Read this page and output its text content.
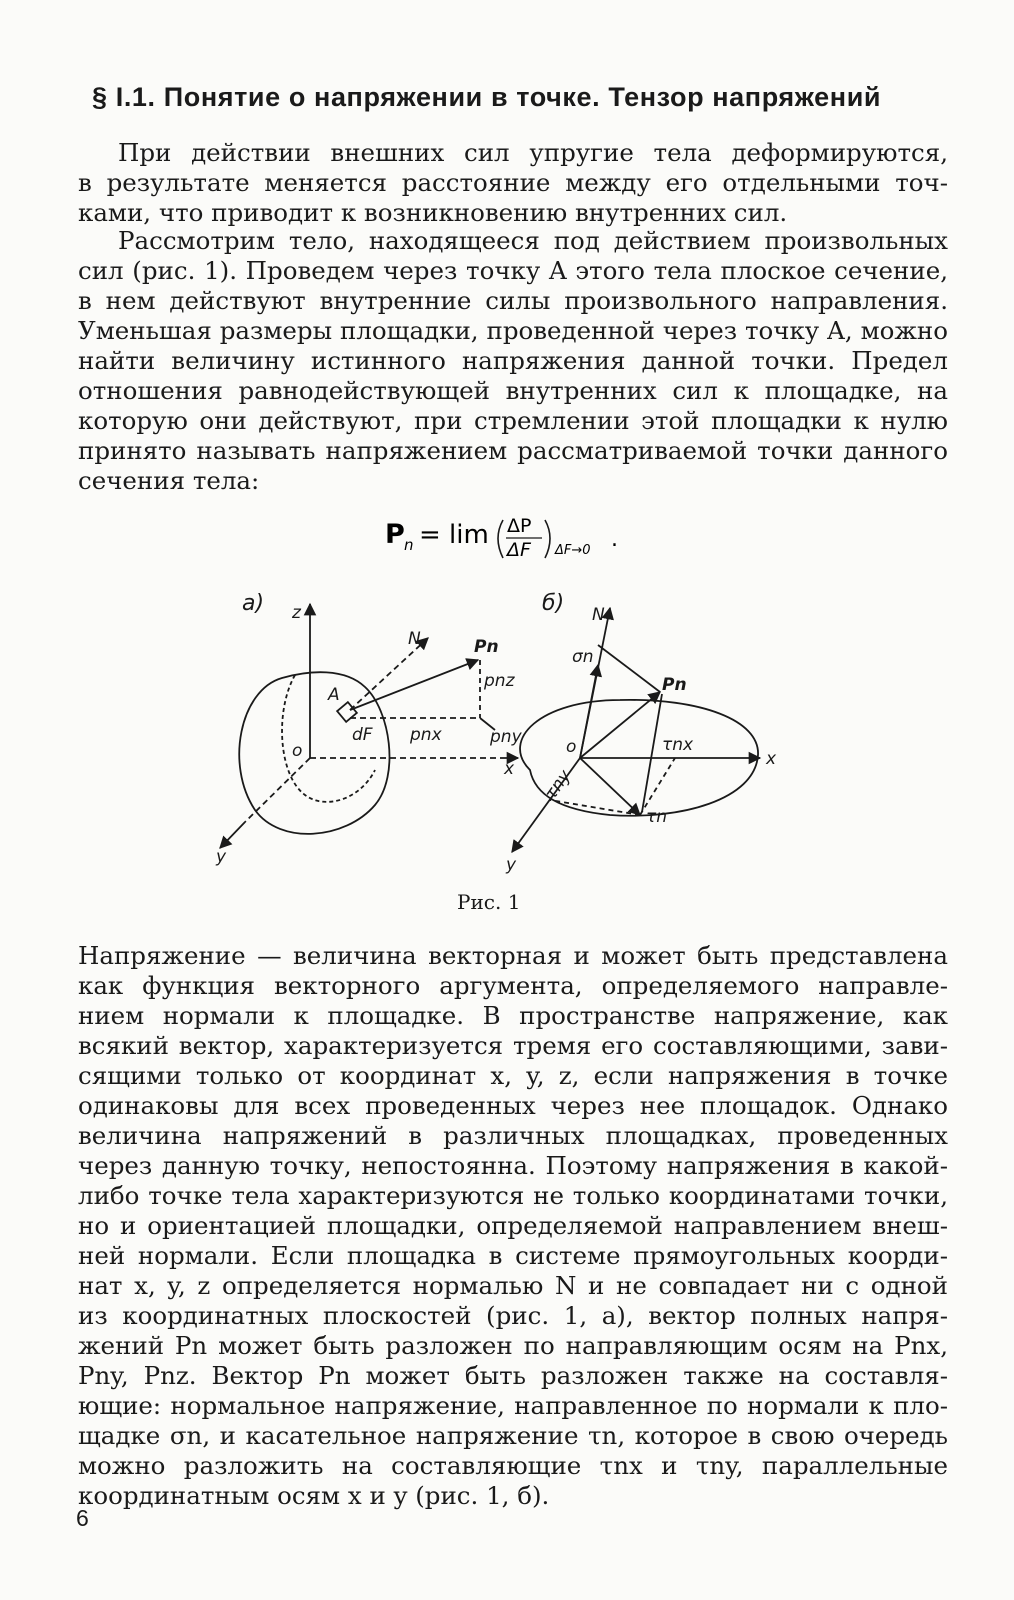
§ I.1. Понятие о напряжении в точке. Тензор напряжений
При действии внешних сил упругие тела деформируются,
в результате меняется расстояние между его отдельными точ-
ками, что приводит к возникновению внутренних сил.
Рассмотрим тело, находящееся под действием произвольных
сил (рис. 1). Проведем через точку A этого тела плоское сечение,
в нем действуют внутренние силы произвольного направления.
Уменьшая размеры площадки, проведенной через точку A, можно
найти величину истинного напряжения данной точки. Предел
отношения равнодействующей внутренних сил к площадке, на
которую они действуют, при стремлении этой площадки к нулю
принято называть напряжением рассматриваемой точки данного
сечения тела:
P n = lim ΔP
ΔF ΔF→0 .
a) z
y
x
o
N
A
dF
Pn
pnz
pny
pnx
б) N
σn
Pn
o	τnx
τny
τn
x
y
Рис. 1
Напряжение — величина векторная и может быть представлена
как функция векторного аргумента, определяемого направле-
нием нормали к площадке. В пространстве напряжение, как
всякий вектор, характеризуется тремя его составляющими, зави-
сящими только от координат x, y, z, если напряжения в точке
одинаковы для всех проведенных через нее площадок. Однако
величина напряжений в различных площадках, проведенных
через данную точку, непостоянна. Поэтому напряжения в какой-
либо точке тела характеризуются не только координатами точки,
но и ориентацией площадки, определяемой направлением внеш-
ней нормали. Если площадка в системе прямоугольных коорди-
нат x, y, z определяется нормалью N и не совпадает ни с одной
из координатных плоскостей (рис. 1, a), вектор полных напря-
жений Pn может быть разложен по направляющим осям на Pnx,
Pny, Pnz. Вектор Pn может быть разложен также на составля-
ющие: нормальное напряжение, направленное по нормали к пло-
щадке σn, и касательное напряжение τn, которое в свою очередь
можно разложить на составляющие τnx и τny, параллельные
координатным осям x и y (рис. 1, б).
6
